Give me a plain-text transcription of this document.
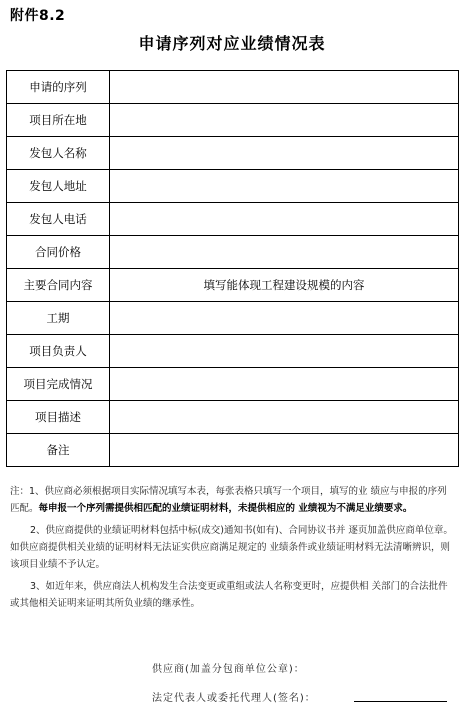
附件8.2
申请序列对应业绩情况表
申请的序列	
项目所在地	
发包人名称	
发包人地址	
发包人电话	
合同价格	
主要合同内容	填写能体现工程建设规模的内容
工期	
项目负责人	
项目完成情况	
项目描述	
备注	

注：1、供应商必须根据项目实际情况填写本表，每张表格只填写一个项目，填写的业 绩应与申报的序列匹配。每申报一个序列需提供相匹配的业绩证明材料，未提供相应的 业绩视为不满足业绩要求。

2、供应商提供的业绩证明材料包括中标(成交)通知书(如有)、合同协议书并 逐页加盖供应商单位章。如供应商提供相关业绩的证明材料无法证实供应商满足规定的 业绩条件或业绩证明材料无法清晰辨识，则该项目业绩不予认定。

3、如近年来，供应商法人机构发生合法变更或重组或法人名称变更时，应提供相 关部门的合法批件或其他相关证明来证明其所负业绩的继承性。

供应商(加盖分包商单位公章)：
法定代表人或委托代理人(签名)：
